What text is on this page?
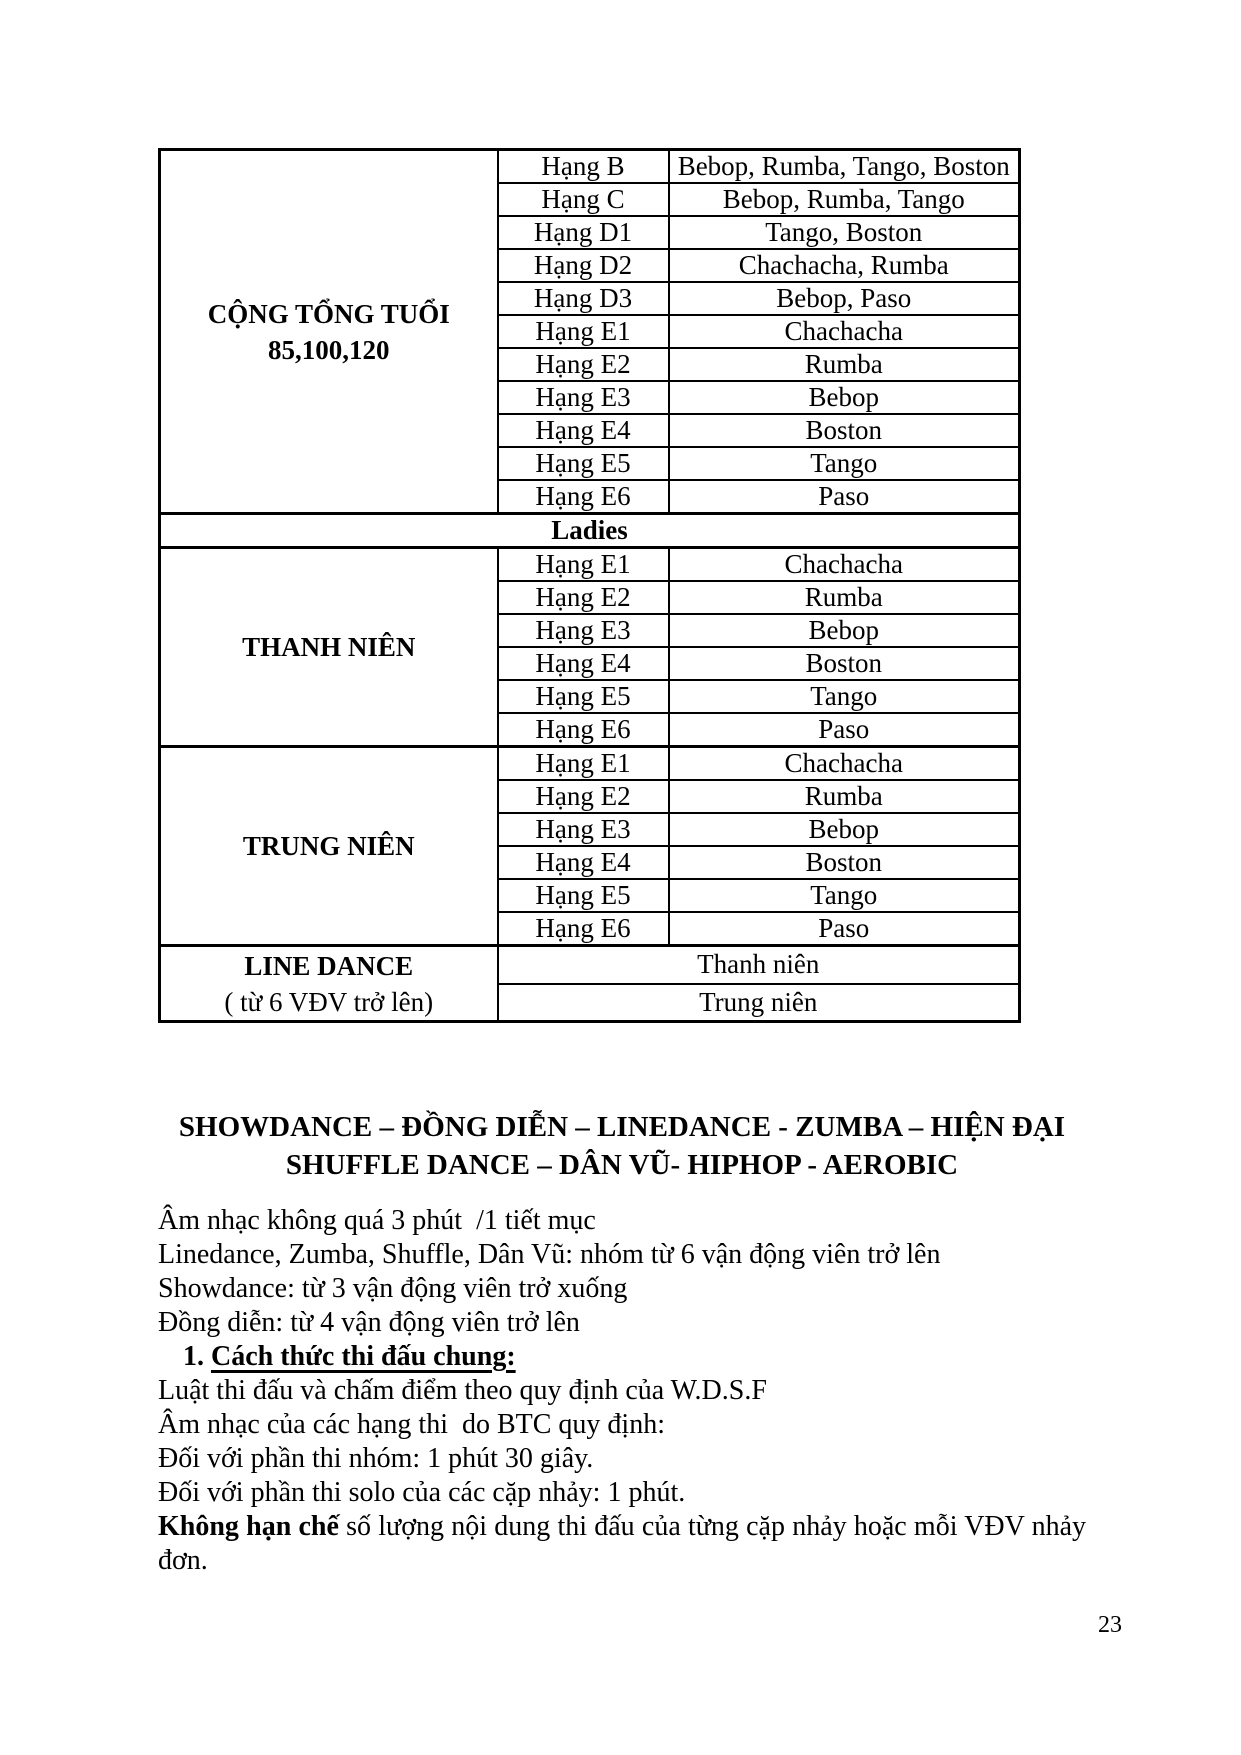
CỘNG TỔNG TUỔI
85,100,120	Hạng B	Bebop, Rumba, Tango, Boston
	Hạng C	Bebop, Rumba, Tango
	Hạng D1	Tango, Boston
	Hạng D2	Chachacha, Rumba
	Hạng D3	Bebop, Paso
	Hạng E1	Chachacha
	Hạng E2	Rumba
	Hạng E3	Bebop
	Hạng E4	Boston
	Hạng E5	Tango
	Hạng E6	Paso
Ladies		

THANH NIÊN	Hạng E1	Chachacha
	Hạng E2	Rumba
	Hạng E3	Bebop
	Hạng E4	Boston
	Hạng E5	Tango
	Hạng E6	Paso

TRUNG NIÊN	Hạng E1	Chachacha
	Hạng E2	Rumba
	Hạng E3	Bebop
	Hạng E4	Boston
	Hạng E5	Tango
	Hạng E6	Paso

LINE DANCE
( từ 6 VĐV trở lên)	Thanh niên	
	Trung niên	
SHOWDANCE – ĐỒNG DIỄN – LINEDANCE - ZUMBA – HIỆN ĐẠI
SHUFFLE DANCE – DÂN VŨ- HIPHOP - AEROBIC

Âm nhạc không quá 3 phút  /1 tiết mục

Linedance, Zumba, Shuffle, Dân Vũ: nhóm từ 6 vận động viên trở lên

Showdance: từ 3 vận động viên trở xuống

Đồng diễn: từ 4 vận động viên trở lên

1. Cách thức thi đấu chung:

Luật thi đấu và chấm điểm theo quy định của W.D.S.F

Âm nhạc của các hạng thi  do BTC quy định:

Đối với phần thi nhóm: 1 phút 30 giây.

Đối với phần thi solo của các cặp nhảy: 1 phút.

Không hạn chế số lượng nội dung thi đấu của từng cặp nhảy hoặc mỗi VĐV nhảy đơn.

23
